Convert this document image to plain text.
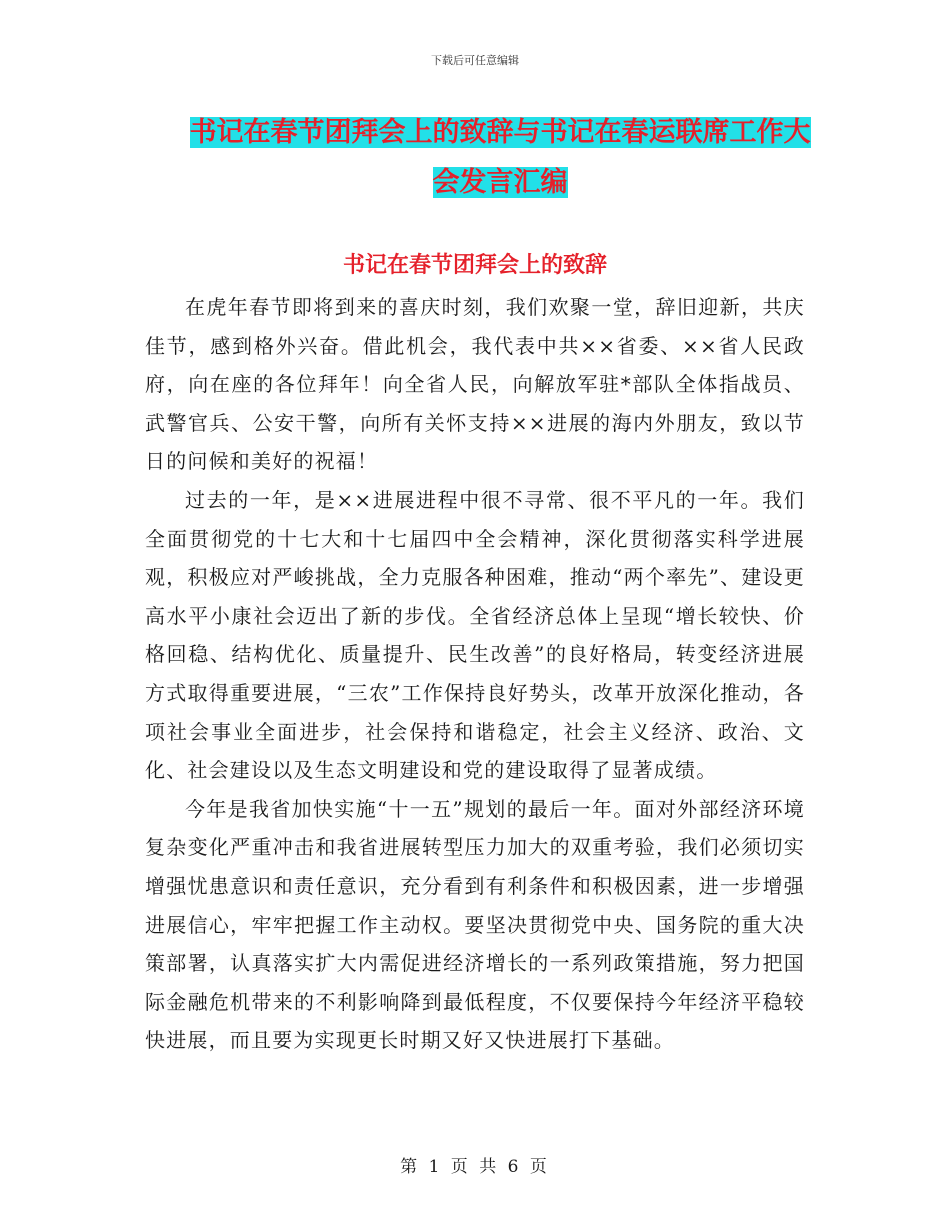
下载后可任意编辑
书记在春节团拜会上的致辞与书记在春运联席工作大
会发言汇编
书记在春节团拜会上的致辞

在虎年春节即将到来的喜庆时刻，我们欢聚一堂，辞旧迎新，共庆佳节，感到格外兴奋。借此机会，我代表中共××省委、××省人民政府，向在座的各位拜年！向全省人民，向解放军驻*部队全体指战员、武警官兵、公安干警，向所有关怀支持××进展的海内外朋友，致以节日的问候和美好的祝福！

过去的一年，是××进展进程中很不寻常、很不平凡的一年。我们全面贯彻党的十七大和十七届四中全会精神，深化贯彻落实科学进展观，积极应对严峻挑战，全力克服各种困难，推动“两个率先”、建设更高水平小康社会迈出了新的步伐。全省经济总体上呈现“增长较快、价格回稳、结构优化、质量提升、民生改善”的良好格局，转变经济进展方式取得重要进展，“三农”工作保持良好势头，改革开放深化推动，各项社会事业全面进步，社会保持和谐稳定，社会主义经济、政治、文化、社会建设以及生态文明建设和党的建设取得了显著成绩。

今年是我省加快实施“十一五”规划的最后一年。面对外部经济环境复杂变化严重冲击和我省进展转型压力加大的双重考验，我们必须切实增强忧患意识和责任意识，充分看到有利条件和积极因素，进一步增强进展信心，牢牢把握工作主动权。要坚决贯彻党中央、国务院的重大决策部署，认真落实扩大内需促进经济增长的一系列政策措施，努力把国际金融危机带来的不利影响降到最低程度，不仅要保持今年经济平稳较快进展，而且要为实现更长时期又好又快进展打下基础。

第 1 页 共 6 页
